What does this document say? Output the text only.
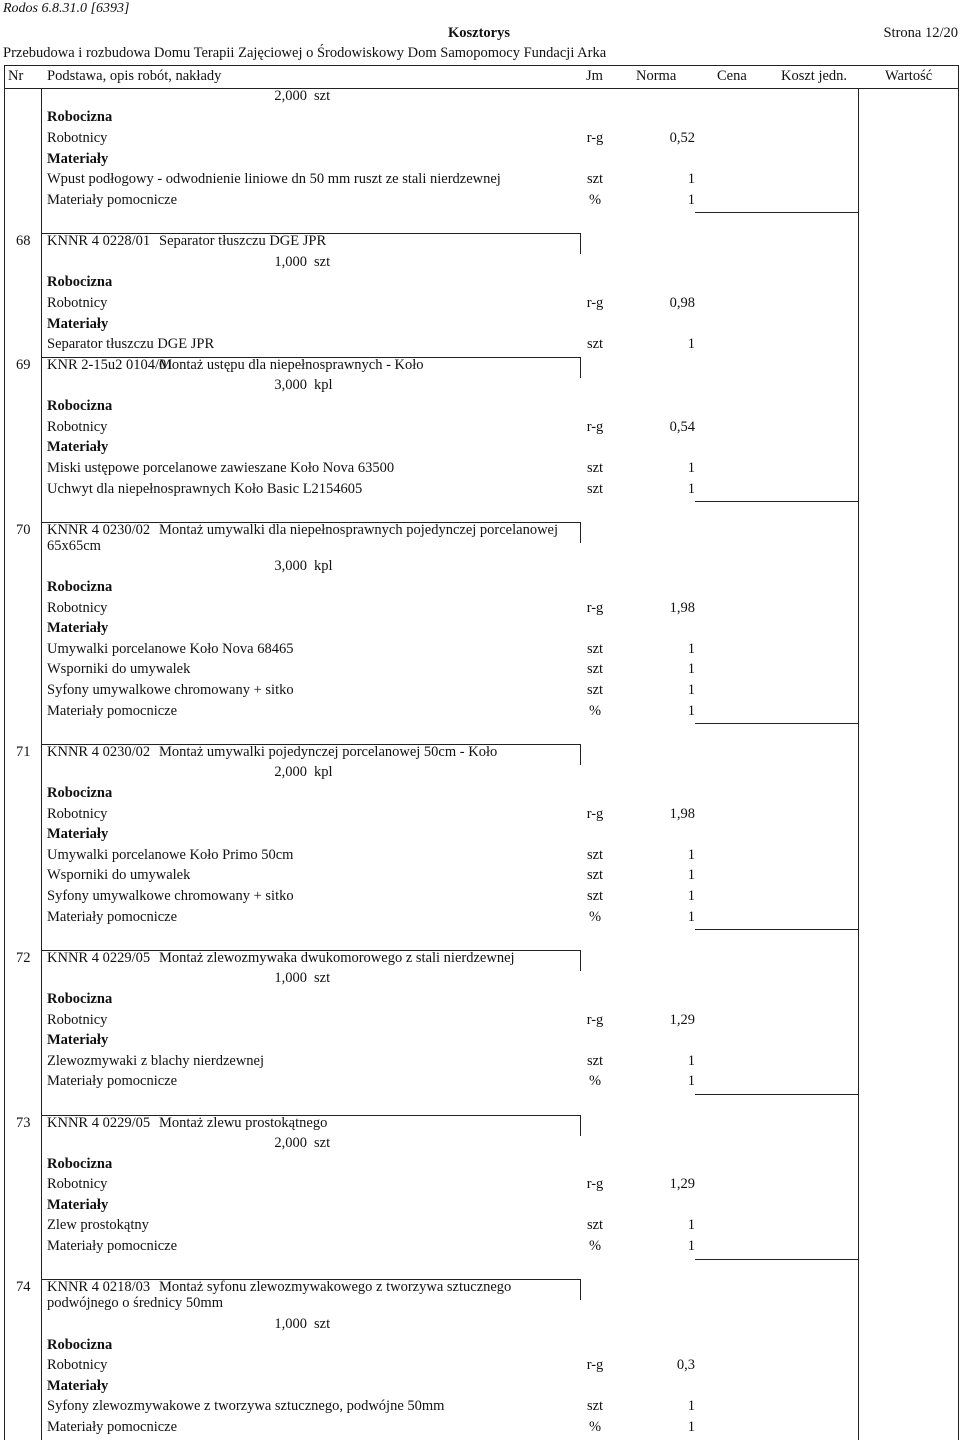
Rodos 6.8.31.0 [6393]
Kosztorys	Strona 12/20
Przebudowa i rozbudowa Domu Terapii Zajęciowej o Środowiskowy Dom Samopomocy Fundacji Arka
Nr Podstawa, opis robót, nakłady	Jm Norma	Cena Koszt jedn.	Wartość
2,000 szt
Robocizna
Robotnicy	r-g	0,52
Materiały
Wpust podłogowy - odwodnienie liniowe dn 50 mm ruszt ze stali nierdzewnej	szt	1
Materiały pomocnicze	%	1
68 KNNR 4 0228/01 Separator tłuszczu DGE JPR
1,000 szt
Robocizna
Robotnicy	r-g	0,98
Materiały
Separator tłuszczu DGE JPR	szt	1
69 KNR 2-15u2 0104/01
Montaż ustępu dla niepełnosprawnych - Koło
3,000 kpl
Robocizna
Robotnicy	r-g	0,54
Materiały
Miski ustępowe porcelanowe zawieszane Koło Nova 63500	szt	1
Uchwyt dla niepełnosprawnych Koło Basic L2154605	szt	1
70 KNNR 4 0230/02 Montaż umywalki dla niepełnosprawnych pojedynczej porcelanowej
65x65cm
3,000 kpl
Robocizna
Robotnicy	r-g	1,98
Materiały
Umywalki porcelanowe Koło Nova 68465	szt	1
Wsporniki do umywalek	szt	1
Syfony umywalkowe chromowany + sitko	szt	1
Materiały pomocnicze	%	1
71 KNNR 4 0230/02 Montaż umywalki pojedynczej porcelanowej 50cm - Koło
2,000 kpl
Robocizna
Robotnicy	r-g	1,98
Materiały
Umywalki porcelanowe Koło Primo 50cm	szt	1
Wsporniki do umywalek	szt	1
Syfony umywalkowe chromowany + sitko	szt	1
Materiały pomocnicze	%	1
72 KNNR 4 0229/05 Montaż zlewozmywaka dwukomorowego z stali nierdzewnej
1,000 szt
Robocizna
Robotnicy	r-g	1,29
Materiały
Zlewozmywaki z blachy nierdzewnej	szt	1
Materiały pomocnicze	%	1
73 KNNR 4 0229/05 Montaż zlewu prostokątnego
2,000 szt
Robocizna
Robotnicy	r-g	1,29
Materiały
Zlew prostokątny	szt	1
Materiały pomocnicze	%	1
74 KNNR 4 0218/03 Montaż syfonu zlewozmywakowego z tworzywa sztucznego
podwójnego o średnicy 50mm
1,000 szt
Robocizna
Robotnicy	r-g	0,3
Materiały
Syfony zlewozmywakowe z tworzywa sztucznego, podwójne 50mm	szt	1
Materiały pomocnicze	%	1
